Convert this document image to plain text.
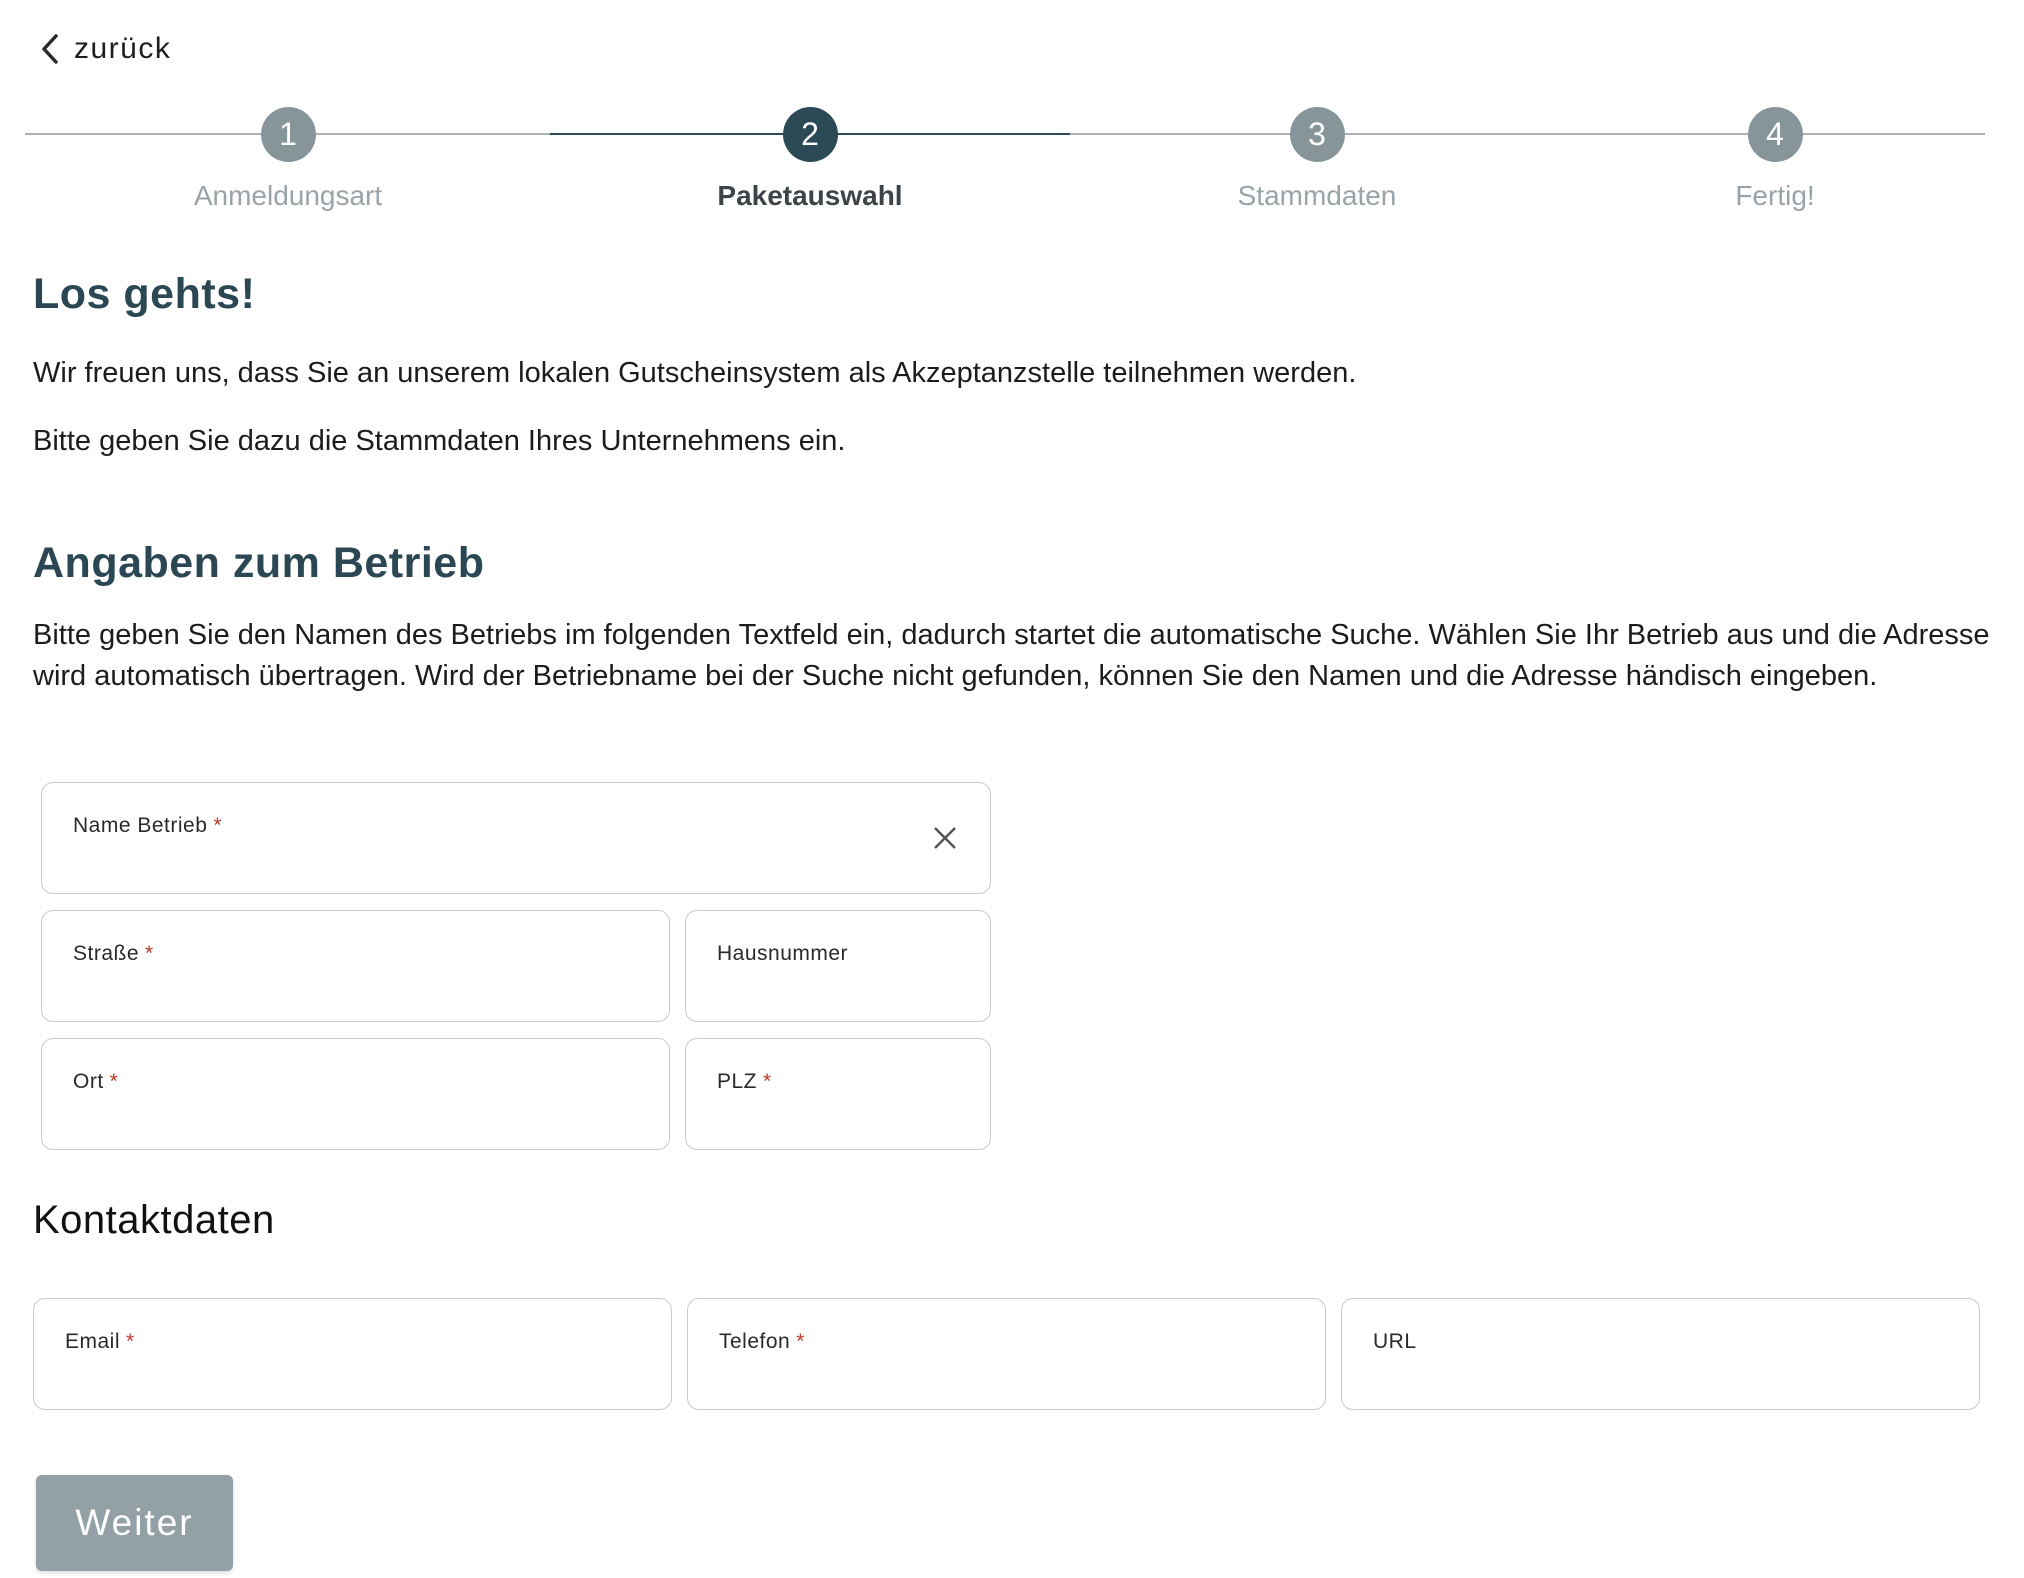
zurück
1
Anmeldungsart
2
Paketauswahl
3
Stammdaten
4
Fertig!
Los gehts!

Wir freuen uns, dass Sie an unserem lokalen Gutscheinsystem als Akzeptanzstelle teilnehmen werden.

Bitte geben Sie dazu die Stammdaten Ihres Unternehmens ein.

Angaben zum Betrieb

Bitte geben Sie den Namen des Betriebs im folgenden Textfeld ein, dadurch startet die automatische Suche. Wählen Sie Ihr Betrieb aus und die Adresse wird automatisch übertragen. Wird der Betriebname bei der Suche nicht gefunden, können Sie den Namen und die Adresse händisch eingeben.

Name Betrieb *
Straße *	Hausnummer
Ort *	PLZ *
Kontaktdaten
Email *	Telefon *	URL
Weiter
